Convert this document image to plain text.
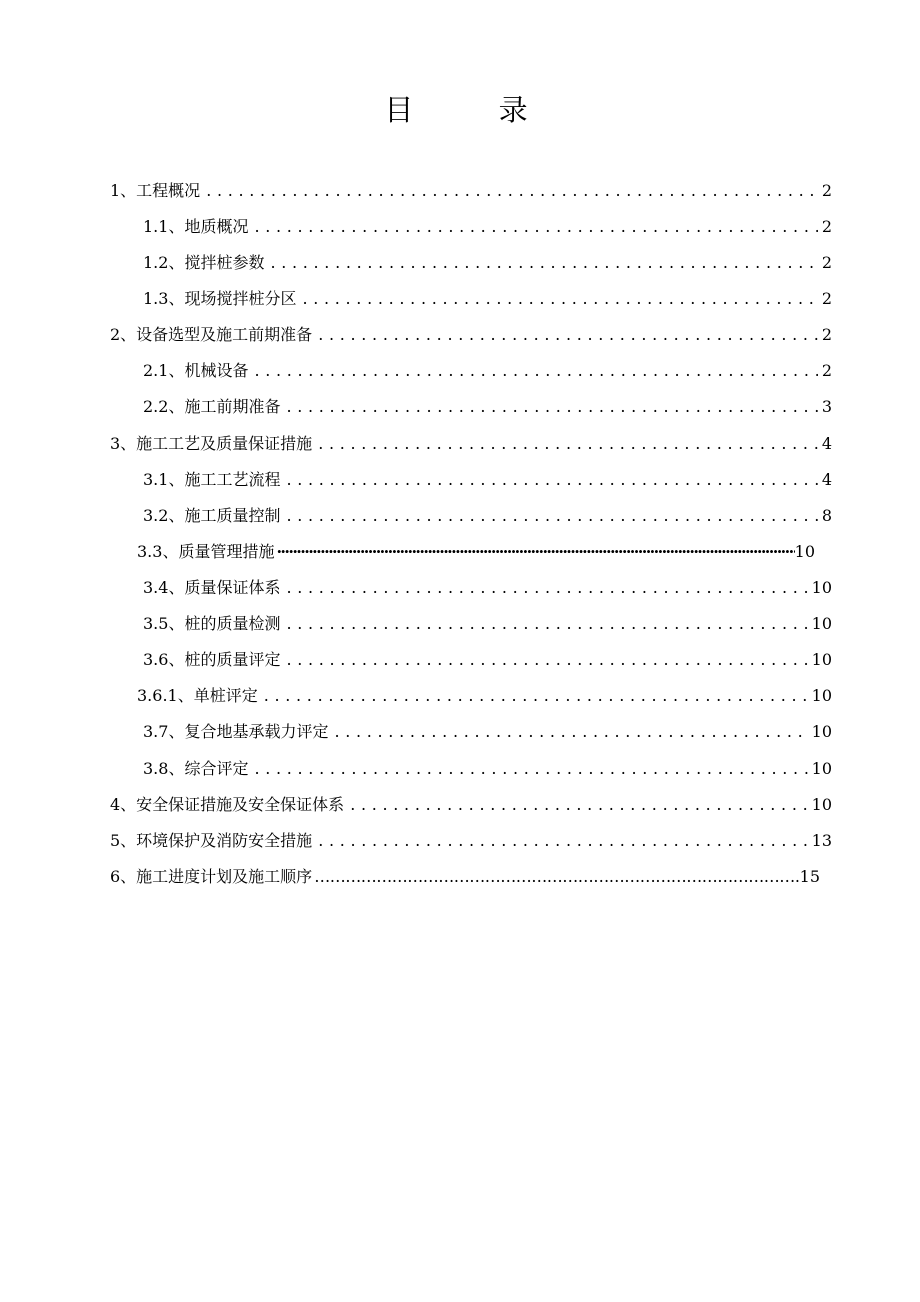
目 录
1、工程概况 . . .	2
1.1、地质概况 . . .	2
1.2、搅拌桩参数 . . .	2
1.3、现场搅拌桩分区 . . .	2
2、设备选型及施工前期准备 . . .	2
2.1、机械设备 . . .	2
2.2、施工前期准备 . . .	3
3、施工工艺及质量保证措施 . . .	4
3.1、施工工艺流程 . . .	4
3.2、施工质量控制 . . .	8
3.3、质量管理措施 ·····	10
3.4、质量保证体系 . . .	10
3.5、桩的质量检测 . . .	10
3.6、桩的质量评定 . . .	10
3.6.1、单桩评定 . . .	10
3.7、复合地基承载力评定 . . .	10
3.8、综合评定 . . .	10
4、安全保证措施及安全保证体系 . . .	10
5、环境保护及消防安全措施 . . .	13
6、施工进度计划及施工顺序 ……………………………………………………………………………………………………………………	15
